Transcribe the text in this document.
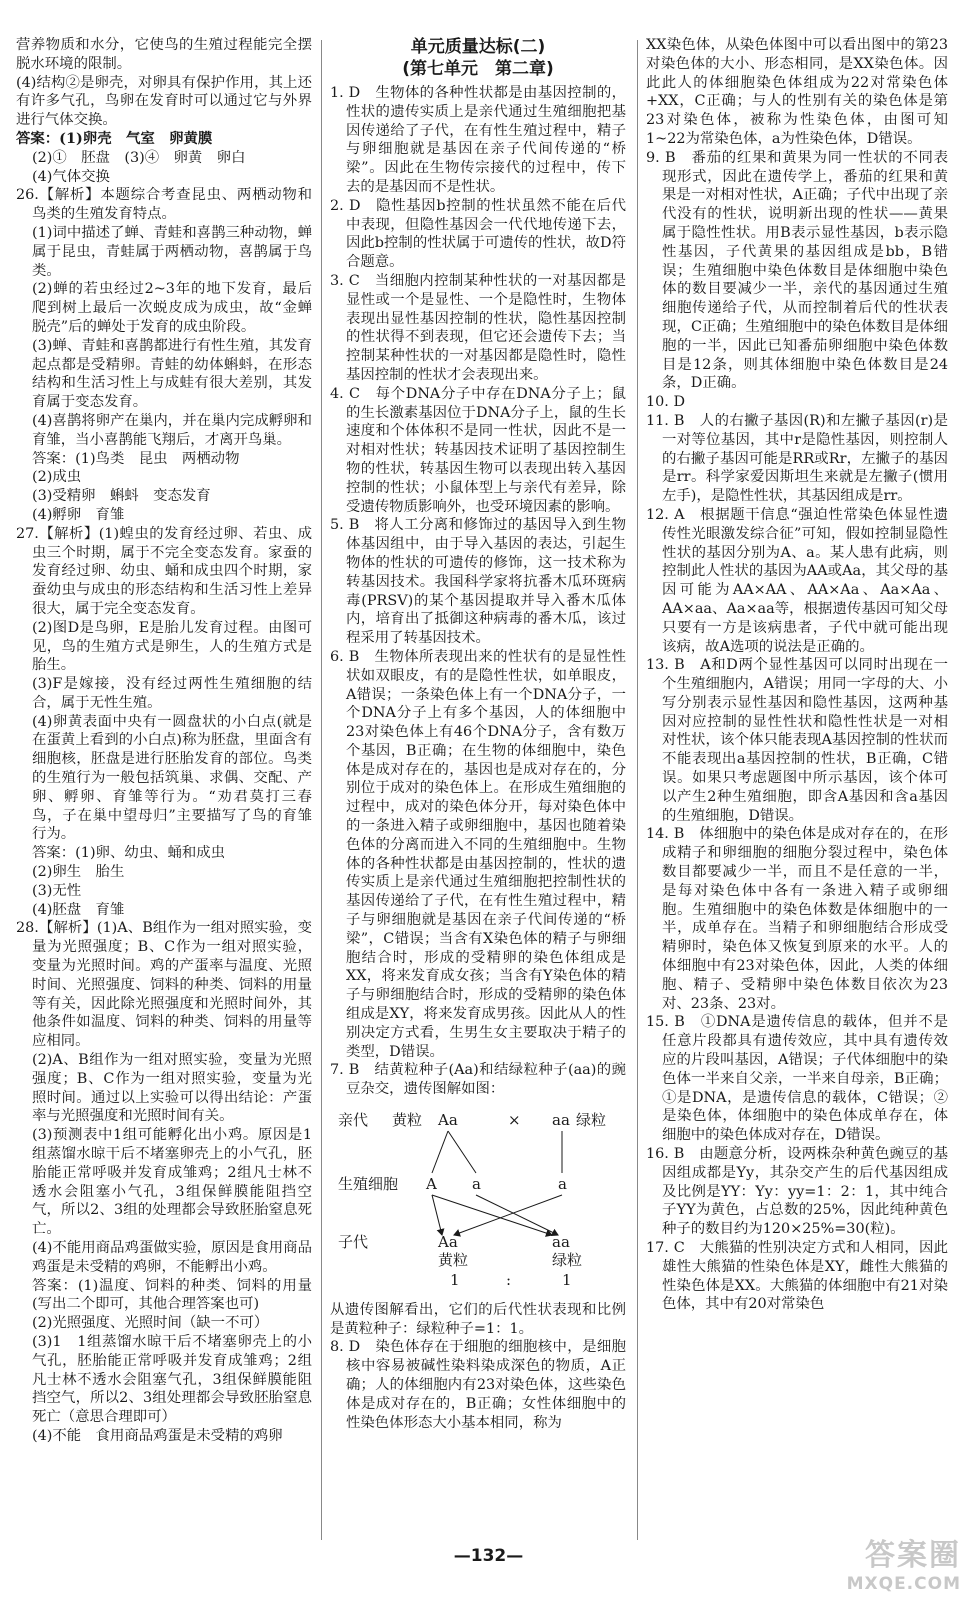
营养物质和水分，它使鸟的生殖过程能完全摆脱水环境的限制。

(4)结构②是卵壳，对卵具有保护作用，其上还有许多气孔，鸟卵在发育时可以通过它与外界进行气体交换。

答案：(1)卵壳　气室　卵黄膜

(2)①　胚盘　(3)④　卵黄　卵白

(4)气体交换

26.【解析】本题综合考查昆虫、两栖动物和鸟类的生殖发育特点。

(1)词中描述了蝉、青蛙和喜鹊三种动物，蝉属于昆虫，青蛙属于两栖动物，喜鹊属于鸟类。

(2)蝉的若虫经过2~3年的地下发育，最后爬到树上最后一次蜕皮成为成虫，故“金蝉脱壳”后的蝉处于发育的成虫阶段。

(3)蝉、青蛙和喜鹊都进行有性生殖，其发育起点都是受精卵。青蛙的幼体蝌蚪，在形态结构和生活习性上与成蛙有很大差别，其发育属于变态发育。

(4)喜鹊将卵产在巢内，并在巢内完成孵卵和育雏，当小喜鹊能飞翔后，才离开鸟巢。

答案：(1)鸟类　昆虫　两栖动物

(2)成虫

(3)受精卵　蝌蚪　变态发育

(4)孵卵　育雏

27.【解析】(1)蝗虫的发育经过卵、若虫、成虫三个时期，属于不完全变态发育。家蚕的发育经过卵、幼虫、蛹和成虫四个时期，家蚕幼虫与成虫的形态结构和生活习性上差异很大，属于完全变态发育。

(2)图D是鸟卵，E是胎儿发育过程。由图可见，鸟的生殖方式是卵生，人的生殖方式是胎生。

(3)F是嫁接，没有经过两性生殖细胞的结合，属于无性生殖。

(4)卵黄表面中央有一圆盘状的小白点(就是在蛋黄上看到的小白点)称为胚盘，里面含有细胞核，胚盘是进行胚胎发育的部位。鸟类的生殖行为一般包括筑巢、求偶、交配、产卵、孵卵、育雏等行为。“劝君莫打三春鸟，子在巢中望母归”主要描写了鸟的育雏行为。

答案：(1)卵、幼虫、蛹和成虫

(2)卵生　胎生

(3)无性

(4)胚盘　育雏

28.【解析】(1)A、B组作为一组对照实验，变量为光照强度；B、C作为一组对照实验，变量为光照时间。鸡的产蛋率与温度、光照时间、光照强度、饲料的种类、饲料的用量等有关，因此除光照强度和光照时间外，其他条件如温度、饲料的种类、饲料的用量等应相同。

(2)A、B组作为一组对照实验，变量为光照强度；B、C作为一组对照实验，变量为光照时间。通过以上实验可以得出结论：产蛋率与光照强度和光照时间有关。

(3)预测表中1组可能孵化出小鸡。原因是1组蒸馏水晾干后不堵塞卵壳上的小气孔，胚胎能正常呼吸并发育成雏鸡；2组凡士林不透水会阻塞小气孔，3组保鲜膜能阻挡空气，所以2、3组的处理都会导致胚胎窒息死亡。

(4)不能用商品鸡蛋做实验，原因是食用商品鸡蛋是未受精的鸡卵，不能孵出小鸡。

答案：(1)温度、饲料的种类、饲料的用量(写出二个即可，其他合理答案也可)

(2)光照强度、光照时间（缺一不可）

(3)1　1组蒸馏水晾干后不堵塞卵壳上的小气孔，胚胎能正常呼吸并发育成雏鸡；2组凡士林不透水会阻塞气孔，3组保鲜膜能阻挡空气，所以2、3组处理都会导致胚胎窒息死亡（意思合理即可）

(4)不能　食用商品鸡蛋是未受精的鸡卵

单元质量达标(二)

(第七单元　第二章)

1. D　生物体的各种性状都是由基因控制的，性状的遗传实质上是亲代通过生殖细胞把基因传递给了子代，在有性生殖过程中，精子与卵细胞就是基因在亲子代间传递的“桥梁”。因此在生物传宗接代的过程中，传下去的是基因而不是性状。

2. D　隐性基因b控制的性状虽然不能在后代中表现，但隐性基因会一代代地传递下去，因此b控制的性状属于可遗传的性状，故D符合题意。

3. C　当细胞内控制某种性状的一对基因都是显性或一个是显性、一个是隐性时，生物体表现出显性基因控制的性状，隐性基因控制的性状得不到表现，但它还会遗传下去；当控制某种性状的一对基因都是隐性时，隐性基因控制的性状才会表现出来。

4. C　每个DNA分子中存在DNA分子上；鼠的生长激素基因位于DNA分子上，鼠的生长速度和个体体积不是同一性状，因此不是一对相对性状；转基因技术证明了基因控制生物的性状，转基因生物可以表现出转入基因控制的性状；小鼠体型上与亲代有差异，除受遗传物质影响外，也受环境因素的影响。

5. B　将人工分离和修饰过的基因导入到生物体基因组中，由于导入基因的表达，引起生物体的性状的可遗传的修饰，这一技术称为转基因技术。我国科学家将抗番木瓜环斑病毒(PRSV)的某个基因提取并导入番木瓜体内，培育出了抵御这种病毒的番木瓜，该过程采用了转基因技术。

6. B　生物体所表现出来的性状有的是显性性状如双眼皮，有的是隐性性状，如单眼皮，A错误；一条染色体上有一个DNA分子，一个DNA分子上有多个基因，人的体细胞中23对染色体上有46个DNA分子，含有数万个基因，B正确；在生物的体细胞中，染色体是成对存在的，基因也是成对存在的，分别位于成对的染色体上。在形成生殖细胞的过程中，成对的染色体分开，每对染色体中的一条进入精子或卵细胞中，基因也随着染色体的分离而进入不同的生殖细胞中。生物体的各种性状都是由基因控制的，性状的遗传实质上是亲代通过生殖细胞把控制性状的基因传递给了子代，在有性生殖过程中，精子与卵细胞就是基因在亲子代间传递的“桥梁”，C错误；当含有X染色体的精子与卵细胞结合时，形成的受精卵的染色体组成是XX，将来发育成女孩；当含有Y染色体的精子与卵细胞结合时，形成的受精卵的染色体组成是XY，将来发育成男孩。因此从人的性别决定方式看，生男生女主要取决于精子的类型，D错误。

7. B　结黄粒种子(Aa)和结绿粒种子(aa)的豌豆杂交，遗传图解如图：

亲代 黄粒 Aa	× aa 绿粒
生殖细胞 A a	a
子代	Aa
黄粒
aa
绿粒
1	:	1

从遗传图解看出，它们的后代性状表现和比例是黄粒种子：绿粒种子=1：1。

8. D　染色体存在于细胞的细胞核中，是细胞核中容易被碱性染料染成深色的物质，A正确；人的体细胞内有23对染色体，这些染色体是成对存在的，B正确；女性体细胞中的性染色体形态大小基本相同，称为

XX染色体，从染色体图中可以看出图中的第23对染色体的大小、形态相同，是XX染色体。因此此人的体细胞染色体组成为22对常染色体+XX，C正确；与人的性别有关的染色体是第23对染色体，被称为性染色体，由图可知1~22为常染色体，a为性染色体，D错误。

9. B　番茄的红果和黄果为同一性状的不同表现形式，因此在遗传学上，番茄的红果和黄果是一对相对性状，A正确；子代中出现了亲代没有的性状，说明新出现的性状——黄果属于隐性性状。用B表示显性基因，b表示隐性基因，子代黄果的基因组成是bb，B错误；生殖细胞中染色体数目是体细胞中染色体的数目要减少一半，亲代的基因通过生殖细胞传递给子代，从而控制着后代的性状表现，C正确；生殖细胞中的染色体数目是体细胞的一半，因此已知番茄卵细胞中染色体数目是12条，则其体细胞中染色体数目是24条，D正确。

10. D

11. B　人的右撇子基因(R)和左撇子基因(r)是一对等位基因，其中r是隐性基因，则控制人的右撇子基因可能是RR或Rr，左撇子的基因是rr。科学家爱因斯坦生来就是左撇子(惯用左手)，是隐性性状，其基因组成是rr。

12. A　根据题干信息“强迫性常染色体显性遗传性光眼激发综合征”可知，假如控制显隐性性状的基因分别为A、a。某人患有此病，则控制此人性状的基因为AA或Aa，其父母的基因可能为AA×AA、AA×Aa、Aa×Aa、AA×aa、Aa×aa等，根据遗传基因可知父母只要有一方是该病患者，子代中就可能出现该病，故A选项的说法是正确的。

13. B　A和D两个显性基因可以同时出现在一个生殖细胞内，A错误；用同一字母的大、小写分别表示显性基因和隐性基因，这两种基因对应控制的显性性状和隐性性状是一对相对性状，该个体只能表现A基因控制的性状而不能表现出a基因控制的性状，B正确，C错误。如果只考虑题图中所示基因，该个体可以产生2种生殖细胞，即含A基因和含a基因的生殖细胞，D错误。

14. B　体细胞中的染色体是成对存在的，在形成精子和卵细胞的细胞分裂过程中，染色体数目都要减少一半，而且不是任意的一半，是每对染色体中各有一条进入精子或卵细胞。生殖细胞中的染色体数是体细胞中的一半，成单存在。当精子和卵细胞结合形成受精卵时，染色体又恢复到原来的水平。人的体细胞中有23对染色体，因此，人类的体细胞、精子、受精卵中染色体数目依次为23对、23条、23对。

15. B　①DNA是遗传信息的载体，但并不是任意片段都具有遗传效应，其中具有遗传效应的片段叫基因，A错误；子代体细胞中的染色体一半来自父亲，一半来自母亲，B正确；①是DNA，是遗传信息的载体，C错误；②是染色体，体细胞中的染色体成单存在，体细胞中的染色体成对存在，D错误。

16. B　由题意分析，设两株杂种黄色豌豆的基因组成都是Yy，其杂交产生的后代基因组成及比例是YY：Yy：yy=1：2：1，其中纯合子YY为黄色，占总数的25%，因此纯种黄色种子的数目约为120×25%=30(粒)。

17. C　大熊猫的性别决定方式和人相同，因此雄性大熊猫的性染色体是XY，雌性大熊猫的性染色体是XX。大熊猫的体细胞中有21对染色体，其中有20对常染色

—132—	答案圈
MXQE.COM
